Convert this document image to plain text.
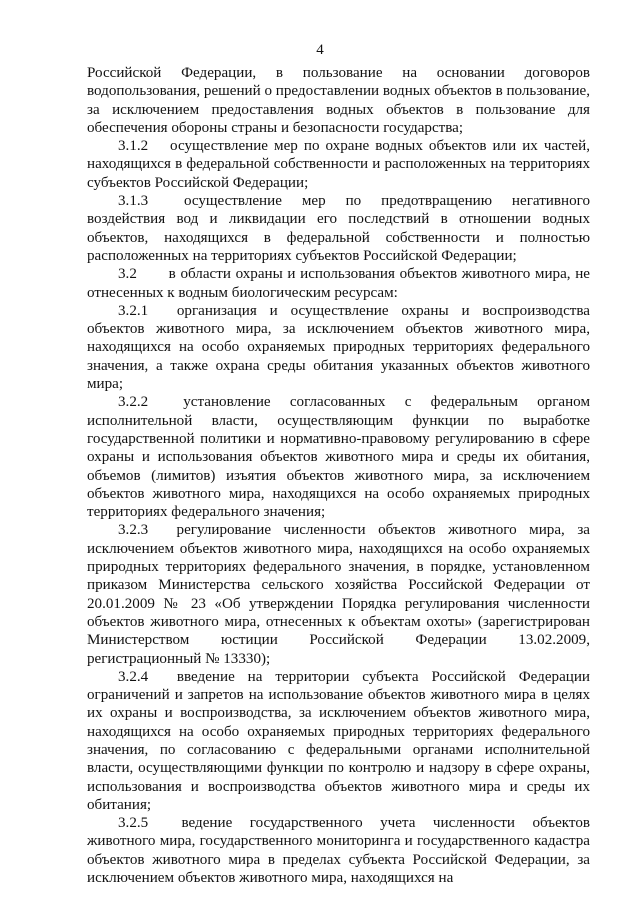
4

Российской Федерации, в пользование на основании договоров водопользования, решений о предоставлении водных объектов в пользование, за исключением предоставления водных объектов в пользование для обеспечения обороны страны и безопасности государства;

3.1.2 осуществление мер по охране водных объектов или их частей, находящихся в федеральной собственности и расположенных на территориях субъектов Российской Федерации;

3.1.3 осуществление мер по предотвращению негативного воздействия вод и ликвидации его последствий в отношении водных объектов, находящихся в федеральной собственности и полностью расположенных на территориях субъектов Российской Федерации;

3.2 в области охраны и использования объектов животного мира, не отнесенных к водным биологическим ресурсам:

3.2.1 организация и осуществление охраны и воспроизводства объектов животного мира, за исключением объектов животного мира, находящихся на особо охраняемых природных территориях федерального значения, а также охрана среды обитания указанных объектов животного мира;

3.2.2 установление согласованных с федеральным органом исполнительной власти, осуществляющим функции по выработке государственной политики и нормативно-правовому регулированию в сфере охраны и использования объектов животного мира и среды их обитания, объемов (лимитов) изъятия объектов животного мира, за исключением объектов животного мира, находящихся на особо охраняемых природных территориях федерального значения;

3.2.3 регулирование численности объектов животного мира, за исключением объектов животного мира, находящихся на особо охраняемых природных территориях федерального значения, в порядке, установленном приказом Министерства сельского хозяйства Российской Федерации от 20.01.2009 № 23 «Об утверждении Порядка регулирования численности объектов животного мира, отнесенных к объектам охоты» (зарегистрирован Министерством юстиции Российской Федерации 13.02.2009, регистрационный № 13330);

3.2.4 введение на территории субъекта Российской Федерации ограничений и запретов на использование объектов животного мира в целях их охраны и воспроизводства, за исключением объектов животного мира, находящихся на особо охраняемых природных территориях федерального значения, по согласованию с федеральными органами исполнительной власти, осуществляющими функции по контролю и надзору в сфере охраны, использования и воспроизводства объектов животного мира и среды их обитания;

3.2.5 ведение государственного учета численности объектов животного мира, государственного мониторинга и государственного кадастра объектов животного мира в пределах субъекта Российской Федерации, за исключением объектов животного мира, находящихся на
